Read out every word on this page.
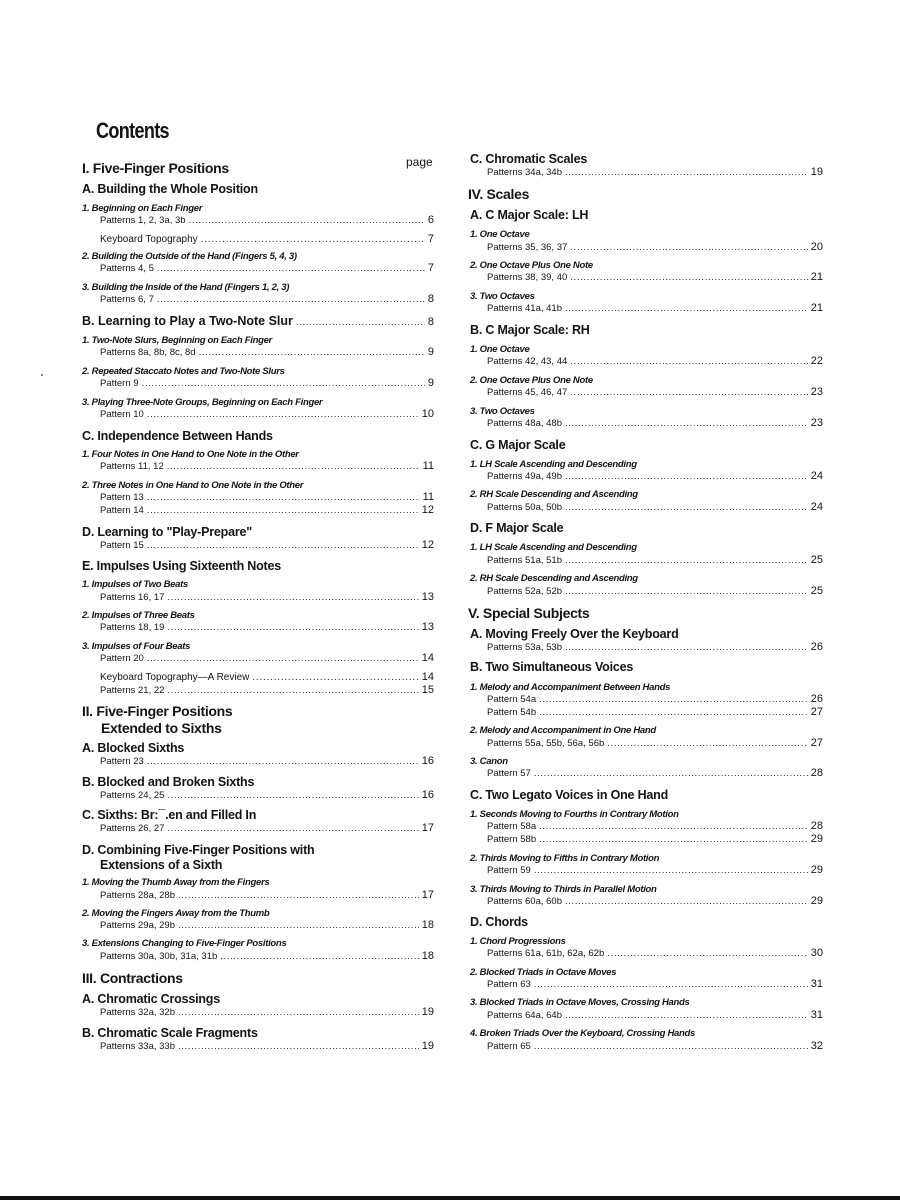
Contents
page
I. Five-Finger Positions
A. Building the Whole Position
1. Beginning on Each Finger
Patterns 1, 2, 3a, 3b . . .	6
Keyboard Topography . . .	7
2. Building the Outside of the Hand (Fingers 5, 4, 3)
Patterns 4, 5 . . .	7
3. Building the Inside of the Hand (Fingers 1, 2, 3)
Patterns 6, 7 . . .	8
B. Learning to Play a Two-Note Slur . . .	8
1. Two-Note Slurs, Beginning on Each Finger
Patterns 8a, 8b, 8c, 8d . . .	9
2. Repeated Staccato Notes and Two-Note Slurs
Pattern 9 . . .	9
3. Playing Three-Note Groups, Beginning on Each Finger
Pattern 10 . . .	10
C. Independence Between Hands
1. Four Notes in One Hand to One Note in the Other
Patterns 11, 12 . . .	11
2. Three Notes in One Hand to One Note in the Other
Pattern 13 . . .	11
Pattern 14 . . .	12
D. Learning to "Play-Prepare"
Pattern 15 . . .	12
E. Impulses Using Sixteenth Notes
1. Impulses of Two Beats
Patterns 16, 17 . . .	13
2. Impulses of Three Beats
Patterns 18, 19 . . .	13
3. Impulses of Four Beats
Pattern 20 . . .	14
Keyboard Topography—A Review . . .	14
Patterns 21, 22 . . .	15
II. Five-Finger Positions
Extended to Sixths
A. Blocked Sixths
Pattern 23 . . .	16
B. Blocked and Broken Sixths
Patterns 24, 25 . . .	16
C. Sixths: Br:¯.en and Filled In
Patterns 26, 27 . . .	17
D. Combining Five-Finger Positions with
Extensions of a Sixth
1. Moving the Thumb Away from the Fingers
Patterns 28a, 28b . . .	17
2. Moving the Fingers Away from the Thumb
Patterns 29a, 29b . . .	18
3. Extensions Changing to Five-Finger Positions
Patterns 30a, 30b, 31a, 31b . . .	18
III. Contractions
A. Chromatic Crossings
Patterns 32a, 32b . . .	19
B. Chromatic Scale Fragments
Patterns 33a, 33b . . .	19
C. Chromatic Scales
Patterns 34a, 34b . . .	19
IV. Scales
A. C Major Scale: LH
1. One Octave
Patterns 35, 36, 37 . . .	20
2. One Octave Plus One Note
Patterns 38, 39, 40 . . .	21
3. Two Octaves
Patterns 41a, 41b . . .	21
B. C Major Scale: RH
1. One Octave
Patterns 42, 43, 44 . . .	22
2. One Octave Plus One Note
Patterns 45, 46, 47 . . .	23
3. Two Octaves
Patterns 48a, 48b . . .	23
C. G Major Scale
1. LH Scale Ascending and Descending
Patterns 49a, 49b . . .	24
2. RH Scale Descending and Ascending
Patterns 50a, 50b . . .	24
D. F Major Scale
1. LH Scale Ascending and Descending
Patterns 51a, 51b . . .	25
2. RH Scale Descending and Ascending
Patterns 52a, 52b . . .	25
V. Special Subjects
A. Moving Freely Over the Keyboard
Patterns 53a, 53b . . .	26
B. Two Simultaneous Voices
1. Melody and Accompaniment Between Hands
Pattern 54a . . .	26
Pattern 54b . . .	27
2. Melody and Accompaniment in One Hand
Patterns 55a, 55b, 56a, 56b . . .	27
3. Canon
Pattern 57 . . .	28
C. Two Legato Voices in One Hand
1. Seconds Moving to Fourths in Contrary Motion
Pattern 58a . . .	28
Pattern 58b . . .	29
2. Thirds Moving to Fifths in Contrary Motion
Pattern 59 . . .	29
3. Thirds Moving to Thirds in Parallel Motion
Patterns 60a, 60b . . .	29
D. Chords
1. Chord Progressions
Patterns 61a, 61b, 62a, 62b . . .	30
2. Blocked Triads in Octave Moves
Pattern 63 . . .	31
3. Blocked Triads in Octave Moves, Crossing Hands
Patterns 64a, 64b . . .	31
4. Broken Triads Over the Keyboard, Crossing Hands
Pattern 65 . . .	32
